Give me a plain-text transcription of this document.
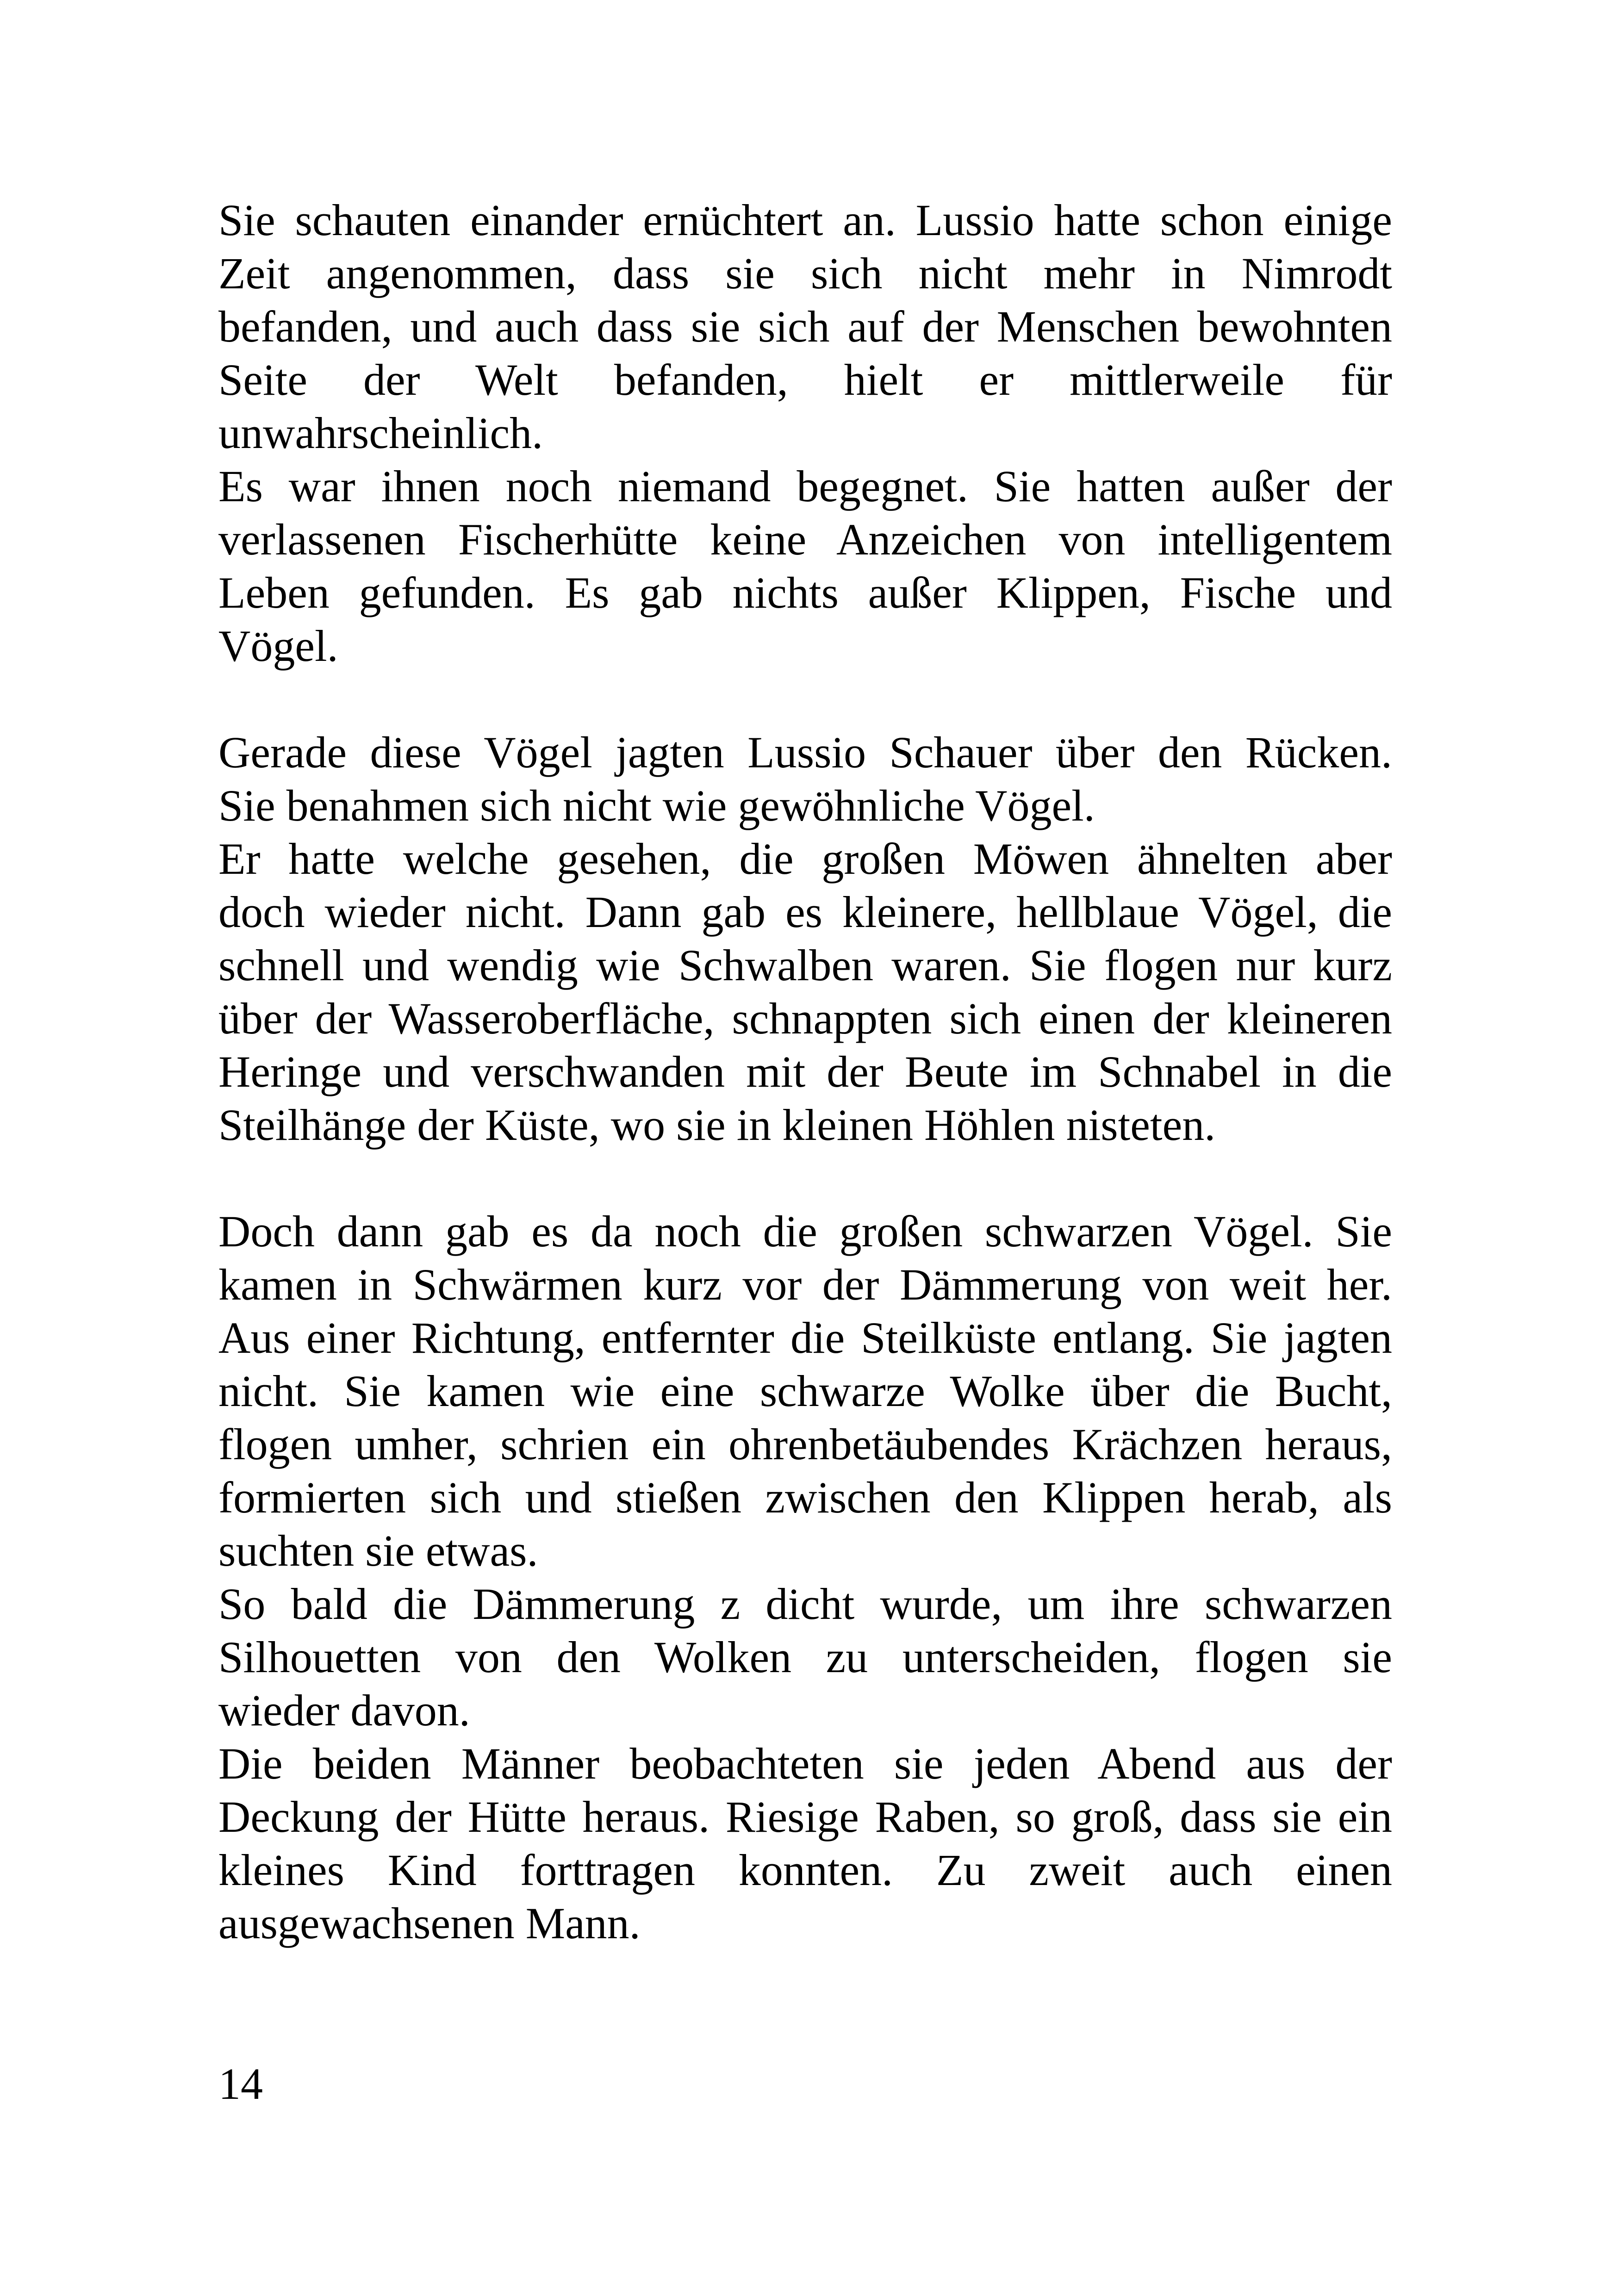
Sie schauten einander ernüchtert an. Lussio hatte schon einige
Zeit angenommen, dass sie sich nicht mehr in Nimrodt
befanden, und auch dass sie sich auf der Menschen bewohnten
Seite der Welt befanden, hielt er mittlerweile für
unwahrscheinlich.
Es war ihnen noch niemand begegnet. Sie hatten außer der
verlassenen Fischerhütte keine Anzeichen von intelligentem
Leben gefunden. Es gab nichts außer Klippen, Fische und
Vögel.
Gerade diese Vögel jagten Lussio Schauer über den Rücken.
Sie benahmen sich nicht wie gewöhnliche Vögel.
Er hatte welche gesehen, die großen Möwen ähnelten aber
doch wieder nicht. Dann gab es kleinere, hellblaue Vögel, die
schnell und wendig wie Schwalben waren. Sie flogen nur kurz
über der Wasseroberfläche, schnappten sich einen der kleineren
Heringe und verschwanden mit der Beute im Schnabel in die
Steilhänge der Küste, wo sie in kleinen Höhlen nisteten.
Doch dann gab es da noch die großen schwarzen Vögel. Sie
kamen in Schwärmen kurz vor der Dämmerung von weit her.
Aus einer Richtung, entfernter die Steilküste entlang. Sie jagten
nicht. Sie kamen wie eine schwarze Wolke über die Bucht,
flogen umher, schrien ein ohrenbetäubendes Krächzen heraus,
formierten sich und stießen zwischen den Klippen herab, als
suchten sie etwas.
So bald die Dämmerung z dicht wurde, um ihre schwarzen
Silhouetten von den Wolken zu unterscheiden, flogen sie
wieder davon.
Die beiden Männer beobachteten sie jeden Abend aus der
Deckung der Hütte heraus. Riesige Raben, so groß, dass sie ein
kleines Kind forttragen konnten. Zu zweit auch einen
ausgewachsenen Mann.
14
